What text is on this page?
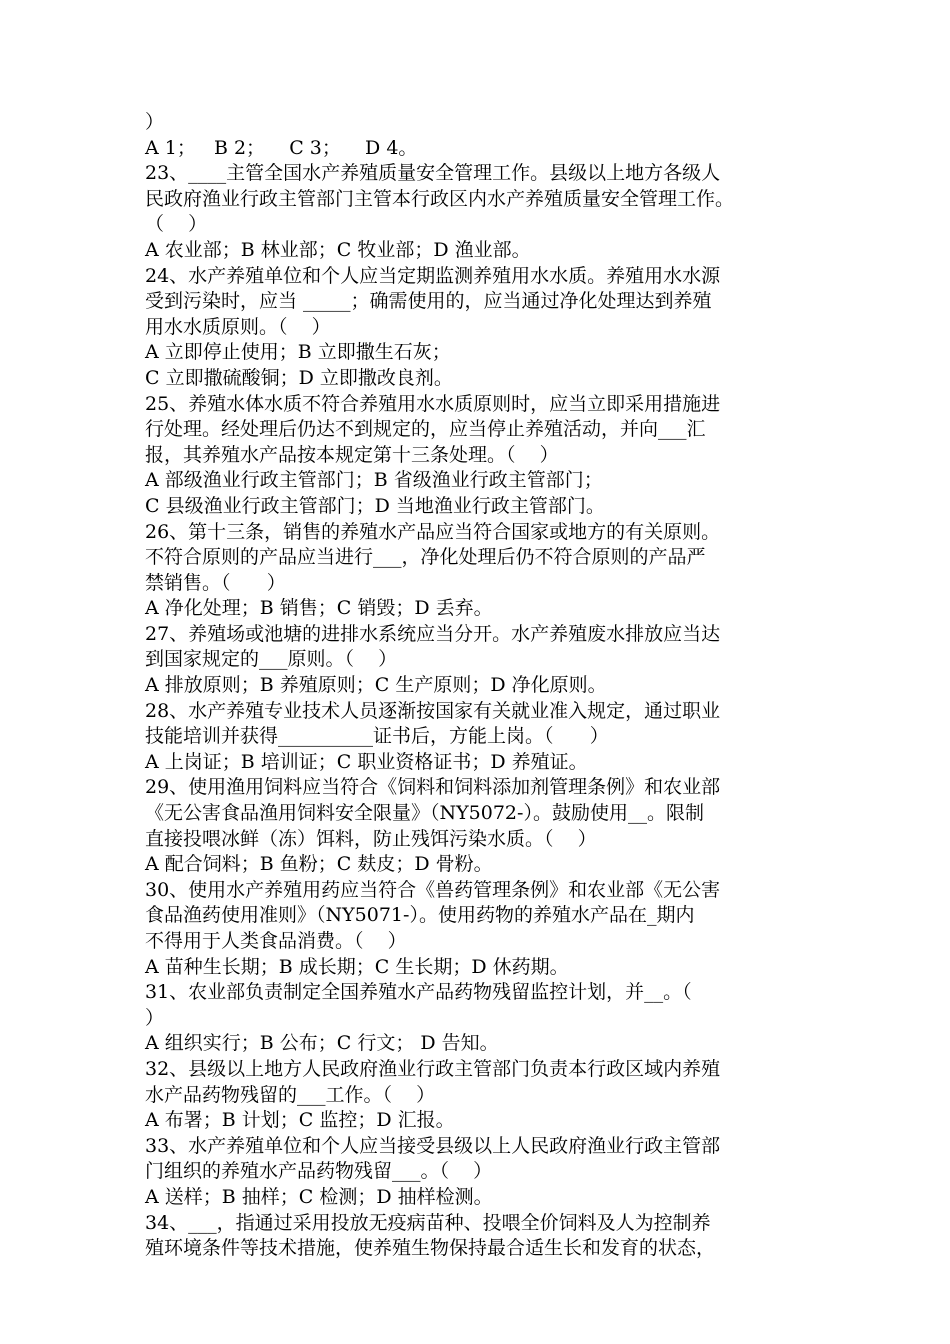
）
A 1；   B 2；    C 3；    D 4。
23、____主管全国水产养殖质量安全管理工作。县级以上地方各级人
民政府渔业行政主管部门主管本行政区内水产养殖质量安全管理工作。
（    ）
A 农业部；B 林业部；C 牧业部；D 渔业部。
24、水产养殖单位和个人应当定期监测养殖用水水质。养殖用水水源
受到污染时，应当 _____；确需使用的，应当通过净化处理达到养殖
用水水质原则。（    ）
A 立即停止使用；B 立即撒生石灰；
C 立即撒硫酸铜；D 立即撒改良剂。
25、养殖水体水质不符合养殖用水水质原则时，应当立即采用措施进
行处理。经处理后仍达不到规定的，应当停止养殖活动，并向___汇
报，其养殖水产品按本规定第十三条处理。（    ）
A 部级渔业行政主管部门；B 省级渔业行政主管部门；
C 县级渔业行政主管部门；D 当地渔业行政主管部门。
26、第十三条，销售的养殖水产品应当符合国家或地方的有关原则。
不符合原则的产品应当进行___，净化处理后仍不符合原则的产品严
禁销售。（      ）
A 净化处理；B 销售；C 销毁；D 丢弃。
27、养殖场或池塘的进排水系统应当分开。水产养殖废水排放应当达
到国家规定的___原则。（    ）
A 排放原则；B 养殖原则；C 生产原则；D 净化原则。
28、水产养殖专业技术人员逐渐按国家有关就业准入规定，通过职业
技能培训并获得__________证书后，方能上岗。（      ）
A 上岗证；B 培训证；C 职业资格证书；D 养殖证。
29、使用渔用饲料应当符合《饲料和饲料添加剂管理条例》和农业部
《无公害食品渔用饲料安全限量》（NY5072-）。鼓励使用__。限制
直接投喂冰鲜（冻）饵料，防止残饵污染水质。（    ）
A 配合饲料；B 鱼粉；C 麸皮；D 骨粉。
30、使用水产养殖用药应当符合《兽药管理条例》和农业部《无公害
食品渔药使用准则》（NY5071-）。使用药物的养殖水产品在_期内
不得用于人类食品消费。（    ）
A 苗种生长期；B 成长期；C 生长期；D 休药期。
31、农业部负责制定全国养殖水产品药物残留监控计划，并__。（
）
A 组织实行；B 公布；C 行文； D 告知。
32、县级以上地方人民政府渔业行政主管部门负责本行政区域内养殖
水产品药物残留的___工作。（    ）
A 布署；B 计划；C 监控；D 汇报。
33、水产养殖单位和个人应当接受县级以上人民政府渔业行政主管部
门组织的养殖水产品药物残留___。（    ）
A 送样；B 抽样；C 检测；D 抽样检测。
34、___，指通过采用投放无疫病苗种、投喂全价饲料及人为控制养
殖环境条件等技术措施，使养殖生物保持最合适生长和发育的状态，
